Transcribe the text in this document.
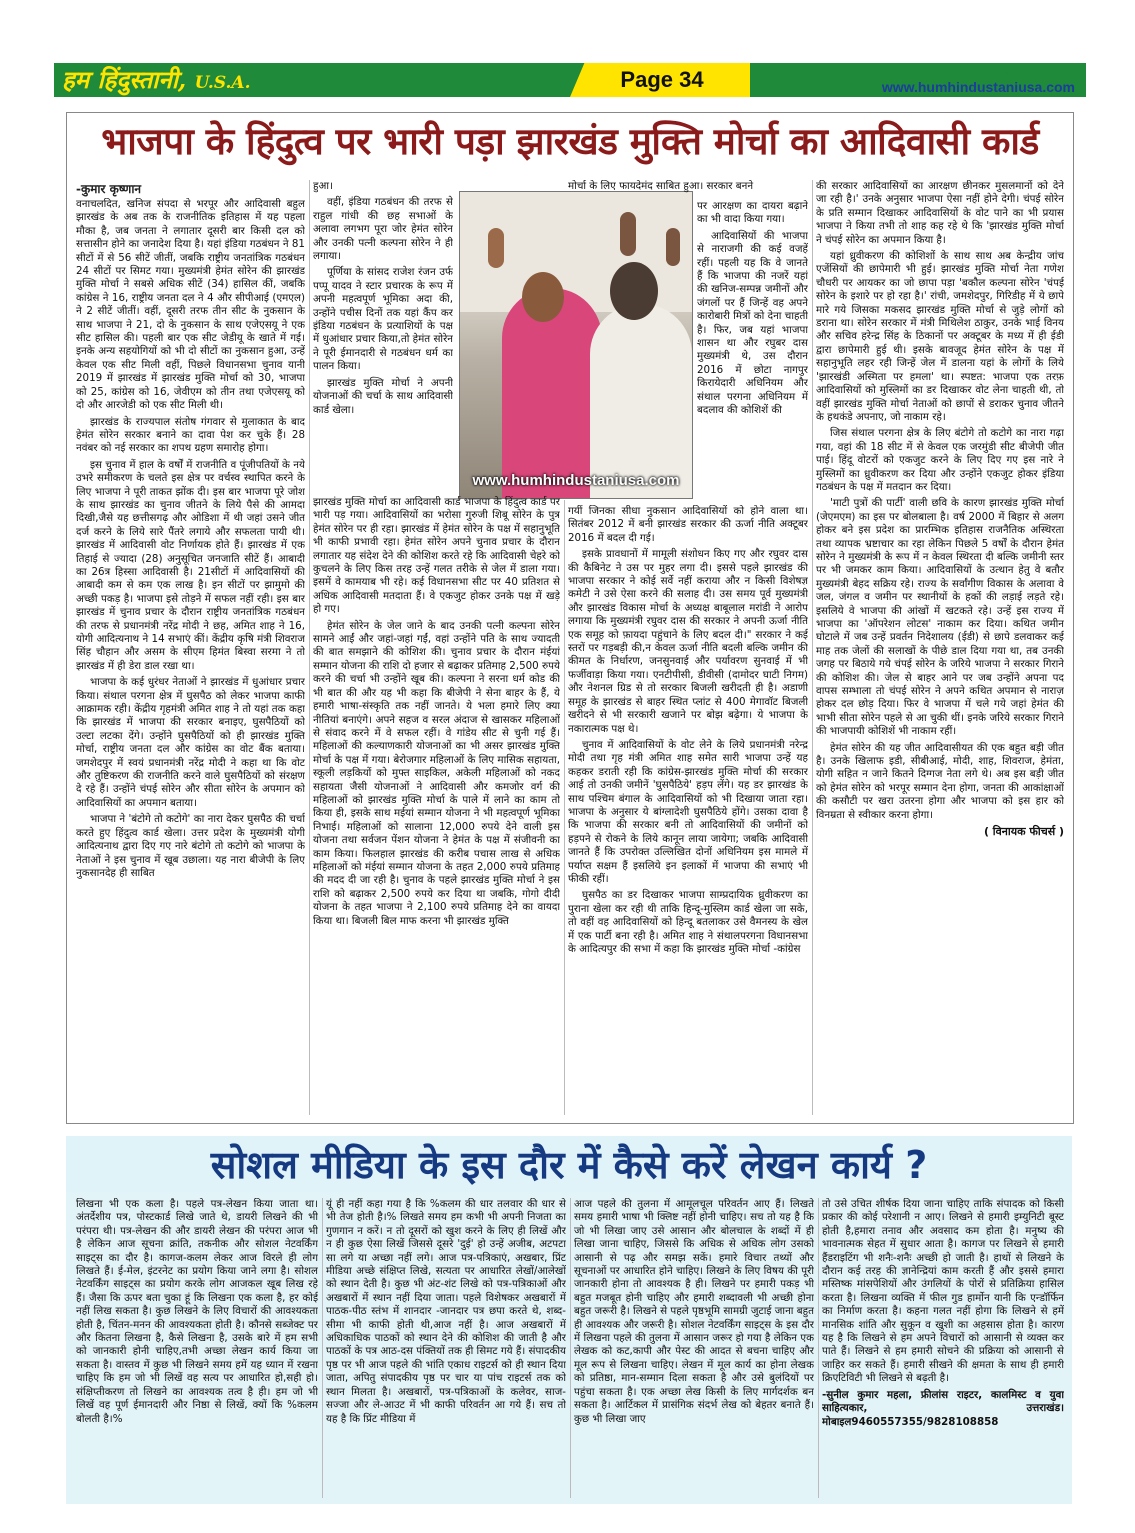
हम हिंदुस्तानी, U.S.A.	Page 34	Nov. 29-Dec. 05, 2024
www.humhindustaniusa.com
भाजपा के हिंदुत्व पर भारी पड़ा झारखंड मुक्ति मोर्चा का आदिवासी कार्ड
-कुमार कृष्णान

वनाचलदित, खनिज संपदा से भरपूर और आदिवासी बहुल झारखंड के अब तक के राजनीतिक इतिहास में यह पहला मौका है, जब जनता ने लगातार दूसरी बार किसी दल को सत्तासीन होने का जनादेश दिया है। यहां इंडिया गठबंधन ने 81 सीटों में से 56 सीटें जीतीं, जबकि राष्ट्रीय जनतांत्रिक गठबंधन 24 सीटों पर सिमट गया। मुख्यमंत्री हेमंत सोरेन की झारखंड मुक्ति मोर्चा ने सबसे अधिक सीटें (34) हासिल कीं, जबकि कांग्रेस ने 16, राष्ट्रीय जनता दल ने 4 और सीपीआई (एमएल) ने 2 सीटें जीतीं। वहीं, दूसरी तरफ तीन सीट के नुकसान के साथ भाजपा ने 21, दो के नुकसान के साथ एजेएसयू ने एक सीट हासिल की। पहली बार एक सीट जेडीयू के खाते में गई। इनके अन्य सहयोगियों को भी दो सीटों का नुकसान हुआ, उन्हें केवल एक सीट मिली वहीं, पिछले विधानसभा चुनाव यानी 2019 में झारखंड में झारखंड मुक्ति मोर्चा को 30, भाजपा को 25, कांग्रेस को 16, जेवीएम को तीन तथा एजेएसयू को दो और आरजेडी को एक सीट मिली थी।

झारखंड के राज्यपाल संतोष गंगवार से मुलाकात के बाद हेमंत सोरेन सरकार बनाने का दावा पेश कर चुके हैं। 28 नवंबर को नई सरकार का शपथ ग्रहण समारोह होगा।

इस चुनाव में हाल के वर्षों में राजनीति व पूंजीपतियों के नये उभरे समीकरण के चलते इस क्षेत्र पर वर्चस्व स्थापित करने के लिए भाजपा ने पूरी ताकत झोंक दी। इस बार भाजपा पूरे जोश के साथ झारखंड का चुनाव जीतने के लिये पैसे की आमदा दिखी,जैसे यह छत्तीसगढ़ और ओडिशा में थी जहां उसने जीत दर्ज करने के लिये सारे पैंतरे लगाये और सफलता पायी थी। झारखंड में आदिवासी वोट निर्णायक होते हैं। झारखंड में एक तिहाई से ज्यादा (28) अनुसूचित जनजाति सीटें हैं। आबादी का 26त्र हिस्सा आदिवासी है। 21सीटों में आदिवासियों की आबादी कम से कम एक लाख है। इन सीटों पर झामुमो की अच्छी पकड़ है। भाजपा इसे तोड़ने में सफल नहीं रही। इस बार झारखंड में चुनाव प्रचार के दौरान राष्ट्रीय जनतांत्रिक गठबंधन की तरफ से प्रधानमंत्री नरेंद्र मोदी ने छह, अमित शाह ने 16, योगी आदित्यनाथ ने 14 सभाएं कीं। केंद्रीय कृषि मंत्री शिवराज सिंह चौहान और असम के सीएम हिमंत बिस्वा सरमा ने तो झारखंड में ही डेरा डाल रखा था।

भाजपा के कई धुरंधर नेताओं ने झारखंड में धुआंधार प्रचार किया। संथाल परगना क्षेत्र में घुसपैठ को लेकर भाजपा काफी आक्रामक रही। केंद्रीय गृहमंत्री अमित शाह ने तो यहां तक कहा कि झारखंड में भाजपा की सरकार बनाइए, घुसपैठियों को उल्टा लटका देंगे। उन्होंने घुसपैठियों को ही झारखंड मुक्ति मोर्चा, राष्ट्रीय जनता दल और कांग्रेस का वोट बैंक बताया। जमशेदपुर में स्वयं प्रधानमंत्री नरेंद्र मोदी ने कहा था कि वोट और तुष्टिकरण की राजनीति करने वाले घुसपैठियों को संरक्षण दे रहे हैं। उन्होंने चंपई सोरेन और सीता सोरेन के अपमान को आदिवासियों का अपमान बताया।

भाजपा ने 'बंटोगे तो कटोगे' का नारा देकर घुसपैठ की चर्चा करते हुए हिंदुत्व कार्ड खेला। उत्तर प्रदेश के मुख्यमंत्री योगी आदित्यनाथ द्वारा दिए गए नारे बंटोगे तो कटोगे को भाजपा के नेताओं ने इस चुनाव में खूब उछाला। यह नारा बीजेपी के लिए नुकसानदेह ही साबित

हुआ।

वहीं, इंडिया गठबंधन की तरफ से राहुल गांधी की छह सभाओं के अलावा लगभग पूरा जोर हेमंत सोरेन और उनकी पत्नी कल्पना सोरेन ने ही लगाया।

पूर्णिया के सांसद राजेश रंजन उर्फ पप्पू यादव ने स्टार प्रचारक के रूप में अपनी महत्वपूर्ण भूमिका अदा की, उन्होंने पचीस दिनों तक यहां कैंप कर इंडिया गठबंधन के प्रत्याशियों के पक्ष में धुआंधार प्रचार किया,तो हेमंत सोरेन ने पूरी ईमानदारी से गठबंधन धर्म का पालन किया।

झारखंड मुक्ति मोर्चा ने अपनी योजनाओं की चर्चा के साथ आदिवासी कार्ड खेला।

www.humhindustaniusa.com

झारखंड मुक्ति मोर्चा का आदिवासी कार्ड भाजपा के हिंदुत्व कार्ड पर भारी पड़ गया। आदिवासियों का भरोसा गुरुजी शिबू सोरेन के पुत्र हेमंत सोरेन पर ही रहा। झारखंड में हेमंत सोरेन के पक्ष में सहानुभूति भी काफी प्रभावी रहा। हेमंत सोरेन अपने चुनाव प्रचार के दौरान लगातार यह संदेश देने की कोशिश करते रहे कि आदिवासी चेहरे को कुचलने के लिए किस तरह उन्हें गलत तरीके से जेल में डाला गया। इसमें वे कामयाब भी रहे। कई विधानसभा सीट पर 40 प्रतिशत से अधिक आदिवासी मतदाता हैं। वे एकजुट होकर उनके पक्ष में खड़े हो गए।

हेमंत सोरेन के जेल जाने के बाद उनकी पत्नी कल्पना सोरेन सामने आईं और जहां-जहां गईं, वहां उन्होंने पति के साथ ज्यादती की बात समझाने की कोशिश की। चुनाव प्रचार के दौरान मंईयां सम्मान योजना की राशि दो हजार से बढ़ाकर प्रतिमाह 2,500 रुपये करने की चर्चा भी उन्होंने खूब की। कल्पना ने सरना धर्म कोड की भी बात की और यह भी कहा कि बीजेपी ने सेना बाहर के हैं, ये हमारी भाषा-संस्कृति तक नहीं जानते। ये भला हमारे लिए क्या नीतियां बनाएंगे। अपने सहज व सरल अंदाज से खासकर महिलाओं से संवाद करने में वे सफल रहीं। वे गांडेय सीट से चुनी गई हैं। महिलाओं की कल्याणकारी योजनाओं का भी असर झारखंड मुक्ति मोर्चा के पक्ष में गया। बेरोजगार महिलाओं के लिए मासिक सहायता, स्कूली लड़कियों को मुफ्त साइकिल, अकेली महिलाओं को नकद सहायता जैसी योजनाओं ने आदिवासी और कमजोर वर्ग की महिलाओं को झारखंड मुक्ति मोर्चा के पाले में लाने का काम तो किया ही, इसके साथ मईयां सम्मान योजना ने भी महत्वपूर्ण भूमिका निभाई। महिलाओं को सालाना 12,000 रुपये देने वाली इस योजना तथा सर्वजन पेंशन योजना ने हेमंत के पक्ष में संजीवनी का काम किया। फिलहाल झारखंड की करीब पचास लाख से अधिक महिलाओं को मंईयां सम्मान योजना के तहत 2,000 रुपये प्रतिमाह की मदद दी जा रही है। चुनाव के पहले झारखंड मुक्ति मोर्चा ने इस राशि को बढ़ाकर 2,500 रुपये कर दिया था जबकि, गोगो दीदी योजना के तहत भाजपा ने 2,100 रुपये प्रतिमाह देने का वायदा किया था। बिजली बिल माफ करना भी झारखंड मुक्ति

मोर्चा के लिए फायदेमंद साबित हुआ। सरकार बनने

पर आरक्षण का दायरा बढ़ाने का भी वादा किया गया।

आदिवासियों की भाजपा से नाराजगी की कई वजहें रहीं। पहली यह कि वे जानते हैं कि भाजपा की नजरें यहां की खनिज-सम्पन्न जमीनों और जंगलों पर हैं जिन्हें वह अपने कारोबारी मित्रों को देना चाहती है। फिर, जब यहां भाजपा शासन था और रघुबर दास मुख्यमंत्री थे, उस दौरान 2016 में छोटा नागपुर किरायेदारी अधिनियम और संथाल परगना अधिनियम में बदलाव की कोशिशें की

गयीं जिनका सीधा नुकसान आदिवासियों को होने वाला था। सितंबर 2012 में बनी झारखंड सरकार की ऊर्जा नीति अक्टूबर 2016 में बदल दी गई।

इसके प्रावधानों में मामूली संशोधन किए गए और रघुवर दास की कैबिनेट ने उस पर मुहर लगा दी। इससे पहले झारखंड की भाजपा सरकार ने कोई सर्वे नहीं कराया और न किसी विशेषज्ञ कमेटी ने उसे ऐसा करने की सलाह दी। उस समय पूर्व मुख्यमंत्री और झारखंड विकास मोर्चा के अध्यक्ष बाबूलाल मरांडी ने आरोप लगाया कि मुख्यमंत्री रघुवर दास की सरकार ने अपनी ऊर्जा नीति एक समूह को फ़ायदा पहुंचाने के लिए बदल दी।" सरकार ने कई स्तरों पर गड़बड़ी की,न केवल ऊर्जा नीति बदली बल्कि जमीन की कीमत के निर्धारण, जनसुनवाई और पर्यावरण सुनवाई में भी फर्जीवाड़ा किया गया। एनटीपीसी, डीवीसी (दामोदर घाटी निगम) और नेशनल ग्रिड से तो सरकार बिजली खरीदती ही है। अडाणी समूह के झारखंड से बाहर स्थित प्लांट से 400 मेगावॉट बिजली खरीदने से भी सरकारी खजाने पर बोझ बढ़ेगा। ये भाजपा के नकारात्मक पक्ष थे।

चुनाव में आदिवासियों के वोट लेने के लिये प्रधानमंत्री नरेन्द्र मोदी तथा गृह मंत्री अमित शाह समेत सारी भाजपा उन्हें यह कहकर डराती रही कि कांग्रेस-झारखंड मुक्ति मोर्चा की सरकार आई तो उनकी जमीनें 'घुसपैठिये' हड़प लेंगे। यह डर झारखंड के साथ पश्चिम बंगाल के आदिवासियों को भी दिखाया जाता रहा। भाजपा के अनुसार ये बांग्लादेशी घुसपैठिये होंगे। उसका दावा है कि भाजपा की सरकार बनी तो आदिवासियों की जमीनों को हड़पने से रोकने के लिये कानून लाया जायेगा; जबकि आदिवासी जानते हैं कि उपरोक्त उल्लिखित दोनों अधिनियम इस मामले में पर्याप्त सक्षम हैं इसलिये इन इलाकों में भाजपा की सभाएं भी फीकी रहीं।

घुसपैठ का डर दिखाकर भाजपा साम्प्रदायिक ध्रुवीकरण का पुराना खेला कर रही थी ताकि हिन्दू-मुस्लिम कार्ड खेला जा सके, तो वहीं वह आदिवासियों को हिन्दू बतलाकर उसे वैमनस्य के खेल में एक पार्टी बना रही है। अमित शाह ने संथालपरगना विधानसभा के आदित्यपुर की सभा में कहा कि झारखंड मुक्ति मोर्चा -कांग्रेस

की सरकार आदिवासियों का आरक्षण छीनकर मुसलमानों को देने जा रही है।' उनके अनुसार भाजपा ऐसा नहीं होने देगी। चंपई सोरेन के प्रति सम्मान दिखाकर आदिवासियों के वोट पाने का भी प्रयास भाजपा ने किया तभी तो शाह कह रहे थे कि 'झारखंड मुक्ति मोर्चा ने चंपई सोरेन का अपमान किया है।

यहां ध्रुवीकरण की कोशिशों के साथ साथ अब केन्द्रीय जांच एजेंसियों की छापेमारी भी हुई। झारखंड मुक्ति मोर्चा नेता गणेश चौधरी पर आयकर का जो छापा पड़ा 'बकौल कल्पना सोरेन 'चंपई सोरेन के इशारे पर हो रहा है।' रांची, जमशेदपुर, गिरिडीह में ये छापे मारे गये जिसका मकसद झारखंड मुक्ति मोर्चा से जुड़े लोगों को डराना था। सोरेन सरकार में मंत्री मिथिलेश ठाकुर, उनके भाई विनय और सचिव हरेन्द्र सिंह के ठिकानों पर अक्टूबर के मध्य में ही ईडी द्वारा छापेमारी हुई थी। इसके बावजूद हेमंत सोरेन के पक्ष में सहानुभूति लहर रही जिन्हें जेल में डालना यहां के लोगों के लिये 'झारखंडी अस्मिता पर हमला' था। स्पष्टत: भाजपा एक तरफ़ आदिवासियों को मुस्लिमों का डर दिखाकर वोट लेना चाहती थी, तो वहीं झारखंड मुक्ति मोर्चा नेताओं को छापों से डराकर चुनाव जीतने के हथकंडे अपनाए, जो नाकाम रहे।

जिस संथाल परगना क्षेत्र के लिए बंटोगे तो कटोगे का नारा गढ़ा गया, वहां की 18 सीट में से केवल एक जरमुंडी सीट बीजेपी जीत पाई। हिंदू वोटरों को एकजुट करने के लिए दिए गए इस नारे ने मुस्लिमों का ध्रुवीकरण कर दिया और उन्होंने एकजुट होकर इंडिया गठबंधन के पक्ष में मतदान कर दिया।

'माटी पुत्रों की पार्टी' वाली छवि के कारण झारखंड मुक्ति मोर्चा (जेएमएम) का इस पर बोलबाला है। वर्ष 2000 में बिहार से अलग होकर बने इस प्रदेश का प्रारम्भिक इतिहास राजनैतिक अस्थिरता तथा व्यापक भ्रष्टाचार का रहा लेकिन पिछले 5 वर्षों के दौरान हेमंत सोरेन ने मुख्यमंत्री के रूप में न केवल स्थिरता दी बल्कि जमीनी स्तर पर भी जमकर काम किया। आदिवासियों के उत्थान हेतु वे बतौर मुख्यमंत्री बेहद सक्रिय रहे। राज्य के सर्वांगीण विकास के अलावा वे जल, जंगल व जमीन पर स्थानीयों के हकों की लड़ाई लड़ते रहे। इसलिये वे भाजपा की आंखों में खटकते रहे। उन्हें इस राज्य में भाजपा का 'ऑपरेशन लोटस' नाकाम कर दिया। कथित जमीन घोटाले में जब उन्हें प्रवर्तन निदेशालय (ईडी) से छापे डलवाकर कई माह तक जेलों की सलाखों के पीछे डाल दिया गया था, तब उनकी जगह पर बिठाये गये चंपई सोरेन के जरिये भाजपा ने सरकार गिराने की कोशिश की। जेल से बाहर आने पर जब उन्होंने अपना पद वापस सम्भाला तो चंपई सोरेन ने अपने कथित अपमान से नाराज़ होकर दल छोड़ दिया। फिर वे भाजपा में चले गये जहां हेमंत की भाभी सीता सोरेन पहले से आ चुकी थीं। इनके जरिये सरकार गिराने की भाजपायी कोशिशें भी नाकाम रहीं।

हेमंत सोरेन की यह जीत आदिवासीयत की एक बहुत बड़ी जीत है। उनके खिलाफ इडी, सीबीआई, मोदी, शाह, शिवराज, हेमंता, योगी सहित न जाने कितने दिग्गज नेता लगे थे। अब इस बड़ी जीत को हेमंत सोरेन को भरपूर सम्मान देना होगा, जनता की आकांक्षाओं की कसौटी पर खरा उतरना होगा और भाजपा को इस हार को विनम्रता से स्वीकार करना होगा।

( विनायक फीचर्स )
सोशल मीडिया के इस दौर में कैसे करें लेखन कार्य ?

लिखना भी एक कला है। पहले पत्र-लेखन किया जाता था। अंतर्देशीय पत्र, पोस्टकार्ड लिखे जाते थे, डायरी लिखने की भी परंपरा थी। पत्र-लेखन की और डायरी लेखन की परंपरा आज भी है लेकिन आज सूचना क्रांति, तकनीक और सोशल नेटवर्किंग साइट्स का दौर है। कागज-कलम लेकर आज विरले ही लोग लिखते हैं। ई-मेल, इंटरनेट का प्रयोग किया जाने लगा है। सोशल नेटवर्किंग साइट्स का प्रयोग करके लोग आजकल खूब लिख रहे हैं। जैसा कि ऊपर बता चुका हूं कि लिखना एक कला है, हर कोई नहीं लिख सकता है। कुछ लिखने के लिए विचारों की आवश्यकता होती है, चिंतन-मनन की आवश्यकता होती है। कौनसे सब्जेक्ट पर और कितना लिखना है, कैसे लिखना है, उसके बारे में हम सभी को जानकारी होनी चाहिए,तभी अच्छा लेखन कार्य किया जा सकता है। वास्तव में कुछ भी लिखने समय हमें यह ध्यान में रखना चाहिए कि हम जो भी लिखें वह सत्य पर आधारित हो,सही हो। संक्षिप्तीकरण तो लिखने का आवश्यक तत्व है ही। हम जो भी लिखें वह पूर्ण ईमानदारी और निष्ठा से लिखें, क्यों कि %कलम बोलती है।%

यूं ही नहीं कहा गया है कि %कलम की धार तलवार की धार से भी तेज होती है।% लिखते समय हम कभी भी अपनी निजता का गुणगान न करें। न तो दूसरों को खुश करने के लिए ही लिखें और न ही कुछ ऐसा लिखें जिससे दूसरे 'दुई' हो उन्हें अजीब, अटपटा सा लगे या अच्छा नहीं लगे। आज पत्र-पत्रिकाएं, अखबार, प्रिंट मीडिया अच्छे संक्षिप्त लिखे, सत्यता पर आधारित लेखों/आलेखों को स्थान देती है। कुछ भी अंट-शंट लिखे को पत्र-पत्रिकाओं और अखबारों में स्थान नहीं दिया जाता। पहले विशेषकर अखबारों में पाठक-पीठ स्तंभ में शानदार -जानदार पत्र छपा करते थे, शब्द-सीमा भी काफी होती थी,आज नहीं है। आज अखबारों में अधिकाधिक पाठकों को स्थान देने की कोशिश की जाती है और पाठकों के पत्र आठ-दस पंक्तियों तक ही सिमट गये हैं। संपादकीय पृष्ठ पर भी आज पहले की भांति एकाध राइटर्स को ही स्थान दिया जाता, अपितु संपादकीय पृष्ठ पर चार या पांच राइटर्स तक को स्थान मिलता है। अखबारों, पत्र-पत्रिकाओं के कलेवर, साज-सज्जा और ले-आउट में भी काफी परिवर्तन आ गये हैं। सच तो यह है कि प्रिंट मीडिया में

आज पहले की तुलना में आमूलचूल परिवर्तन आए हैं। लिखते समय हमारी भाषा भी क्लिष्ट नहीं होनी चाहिए। सच तो यह है कि जो भी लिखा जाए उसे आसान और बोलचाल के शब्दों में ही लिखा जाना चाहिए, जिससे कि अधिक से अधिक लोग उसको आसानी से पढ़ और समझ सकें। हमारे विचार तथ्यों और सूचनाओं पर आधारित होने चाहिए। लिखने के लिए विषय की पूरी जानकारी होना तो आवश्यक है ही। लिखने पर हमारी पकड़ भी बहुत मजबूत होनी चाहिए और हमारी शब्दावली भी अच्छी होना बहुत जरूरी है। लिखने से पहले पृष्ठभूमि सामग्री जुटाई जाना बहुत ही आवश्यक और जरूरी है। सोशल नेटवर्किंग साइट्स के इस दौर में लिखना पहले की तुलना में आसान जरूर हो गया है लेकिन एक लेखक को कट,कापी और पेस्ट की आदत से बचना चाहिए और मूल रूप से लिखना चाहिए। लेखन में मूल कार्य का होना लेखक को प्रतिष्ठा, मान-सम्मान दिला सकता है और उसे बुलंदियों पर पहुंचा सकता है। एक अच्छा लेख किसी के लिए मार्गदर्शक बन सकता है। आर्टिकल में प्रासंगिक संदर्भ लेख को बेहतर बनाते हैं। कुछ भी लिखा जाए

तो उसे उचित शीर्षक दिया जाना चाहिए ताकि संपादक को किसी प्रकार की कोई परेशानी न आए। लिखने से हमारी इम्युनिटी बूस्ट होती है,हमारा तनाव और अवसाद कम होता है। मनुष्य की भावनात्मक सेहत में सुधार आता है। कागज पर लिखने से हमारी हैंडराइटिंग भी शनैः-शनैः अच्छी हो जाती है। हाथों से लिखने के दौरान कई तरह की ज्ञानेन्द्रियां काम करती हैं और इससे हमारा मस्तिष्क मांसपेशियों और उंगलियों के पोरों से प्रतिक्रिया हासिल करता है। लिखना व्यक्ति में फील गुड हार्मोन यानी कि एन्डॉर्फिन का निर्माण करता है। कहना गलत नहीं होगा कि लिखने से हमें मानसिक शांति और सुकून व खुशी का अहसास होता है। कारण यह है कि लिखने से हम अपने विचारों को आसानी से व्यक्त कर पाते हैं। लिखने से हम हमारी सोचने की प्रक्रिया को आसानी से जाहिर कर सकते हैं। हमारी सीखने की क्षमता के साथ ही हमारी क्रिएटिविटी भी लिखने से बढ़ती है।

-सुनील कुमार महला, फ्रीलांस राइटर, कालमिस्ट व युवा साहित्यकार, उत्तराखंड।मोबाइल9460557355/9828108858
